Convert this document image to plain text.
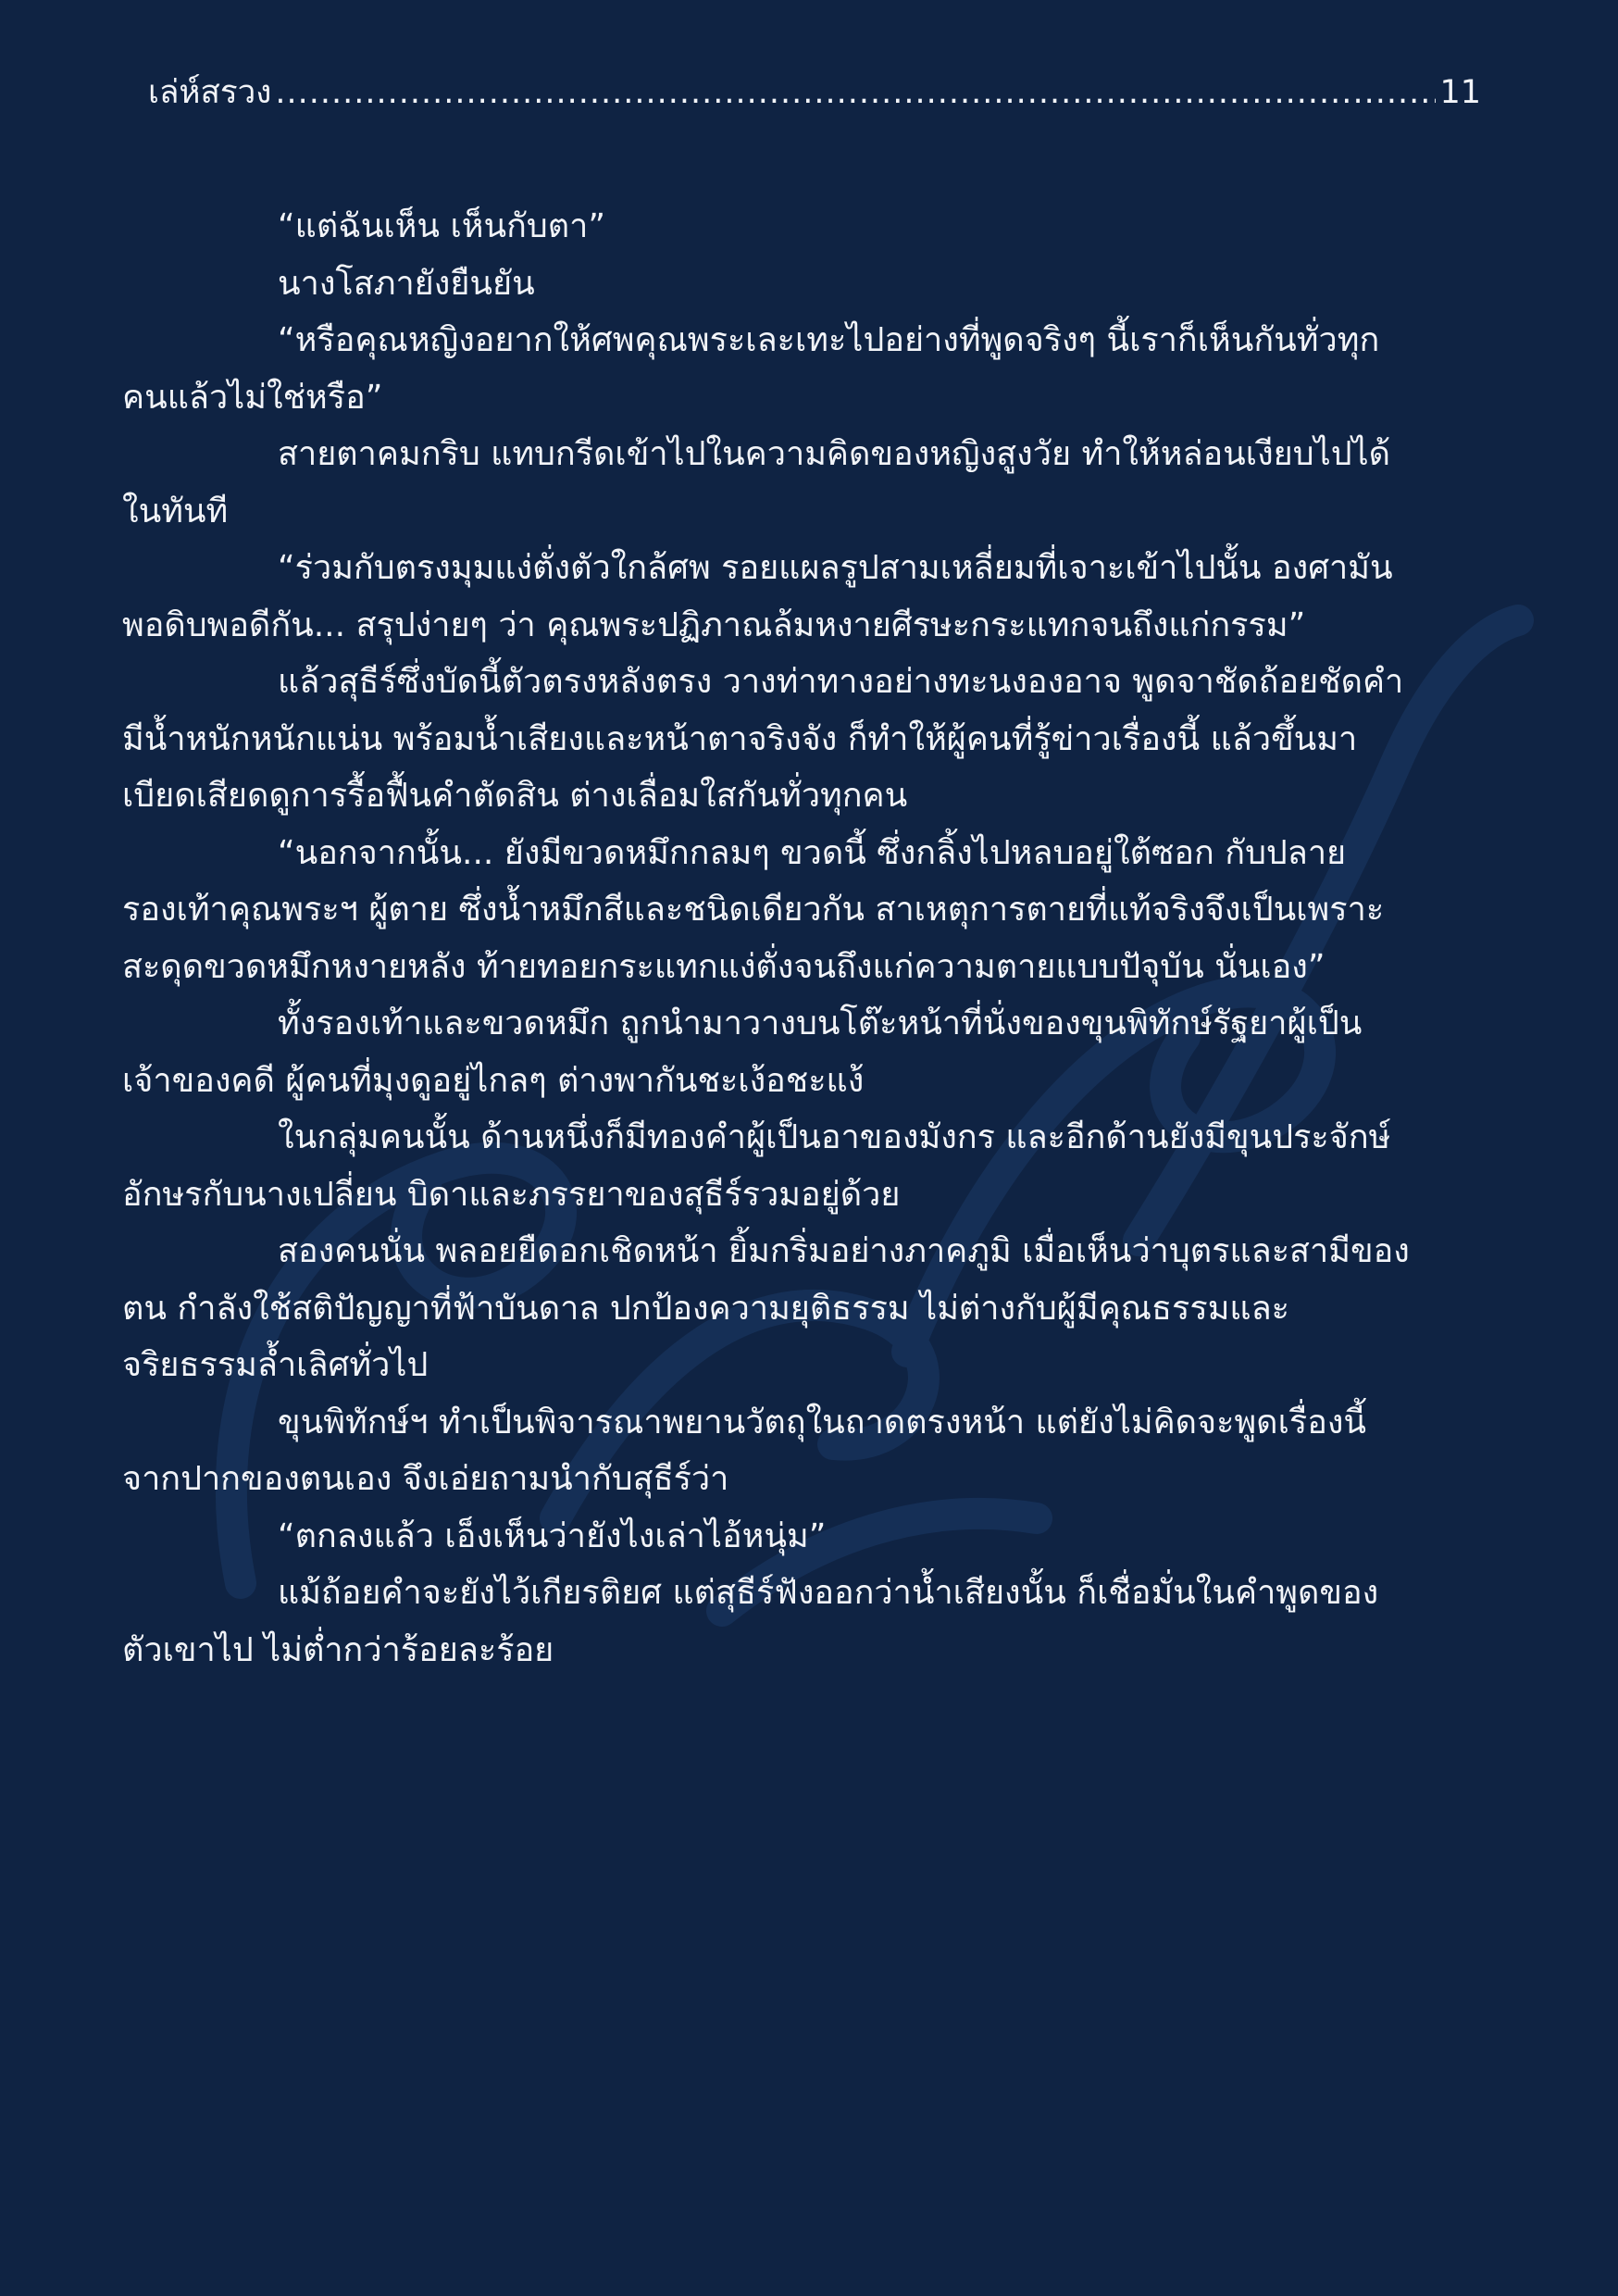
เล่ห์สรวง
.....	11

“แต่ฉันเห็น เห็นกับตา”

นางโสภายังยืนยัน

“หรือคุณหญิงอยากให้ศพคุณพระเละเทะไปอย่างที่พูดจริงๆ นี้เราก็เห็นกันทั่วทุก
คนแล้วไม่ใช่หรือ”

สายตาคมกริบ แทบกรีดเข้าไปในความคิดของหญิงสูงวัย ทำให้หล่อนเงียบไปได้
ในทันที

“ร่วมกับตรงมุมแง่ตั่งตัวใกล้ศพ รอยแผลรูปสามเหลี่ยมที่เจาะเข้าไปนั้น องศามัน
พอดิบพอดีกัน... สรุปง่ายๆ ว่า คุณพระปฏิภาณล้มหงายศีรษะกระแทกจนถึงแก่กรรม”

แล้วสุธีร์ซึ่งบัดนี้ตัวตรงหลังตรง วางท่าทางอย่างทะนงองอาจ พูดจาชัดถ้อยชัดคำ
มีน้ำหนักหนักแน่น พร้อมน้ำเสียงและหน้าตาจริงจัง ก็ทำให้ผู้คนที่รู้ข่าวเรื่องนี้ แล้วขึ้นมา
เบียดเสียดดูการรื้อฟื้นคำตัดสิน ต่างเลื่อมใสกันทั่วทุกคน

“นอกจากนั้น... ยังมีขวดหมึกกลมๆ ขวดนี้ ซึ่งกลิ้งไปหลบอยู่ใต้ซอก กับปลาย
รองเท้าคุณพระฯ ผู้ตาย ซึ่งน้ำหมึกสีและชนิดเดียวกัน สาเหตุการตายที่แท้จริงจึงเป็นเพราะ
สะดุดขวดหมึกหงายหลัง ท้ายทอยกระแทกแง่ตั่งจนถึงแก่ความตายแบบปัจุบัน นั่นเอง”

ทั้งรองเท้าและขวดหมึก ถูกนำมาวางบนโต๊ะหน้าที่นั่งของขุนพิทักษ์รัฐยาผู้เป็น
เจ้าของคดี ผู้คนที่มุงดูอยู่ไกลๆ ต่างพากันชะเง้อชะแง้

ในกลุ่มคนนั้น ด้านหนึ่งก็มีทองคำผู้เป็นอาของมังกร และอีกด้านยังมีขุนประจักษ์
อักษรกับนางเปลี่ยน บิดาและภรรยาของสุธีร์รวมอยู่ด้วย

สองคนนั่น พลอยยืดอกเชิดหน้า ยิ้มกริ่มอย่างภาคภูมิ เมื่อเห็นว่าบุตรและสามีของ
ตน กำลังใช้สติปัญญาที่ฟ้าบันดาล ปกป้องความยุติธรรม ไม่ต่างกับผู้มีคุณธรรมและ
จริยธรรมล้ำเลิศทั่วไป

ขุนพิทักษ์ฯ ทำเป็นพิจารณาพยานวัตถุในถาดตรงหน้า แต่ยังไม่คิดจะพูดเรื่องนี้
จากปากของตนเอง จึงเอ่ยถามนำกับสุธีร์ว่า

“ตกลงแล้ว เอ็งเห็นว่ายังไงเล่าไอ้หนุ่ม”

แม้ถ้อยคำจะยังไว้เกียรติยศ แต่สุธีร์ฟังออกว่าน้ำเสียงนั้น ก็เชื่อมั่นในคำพูดของ
ตัวเขาไป ไม่ต่ำกว่าร้อยละร้อย
